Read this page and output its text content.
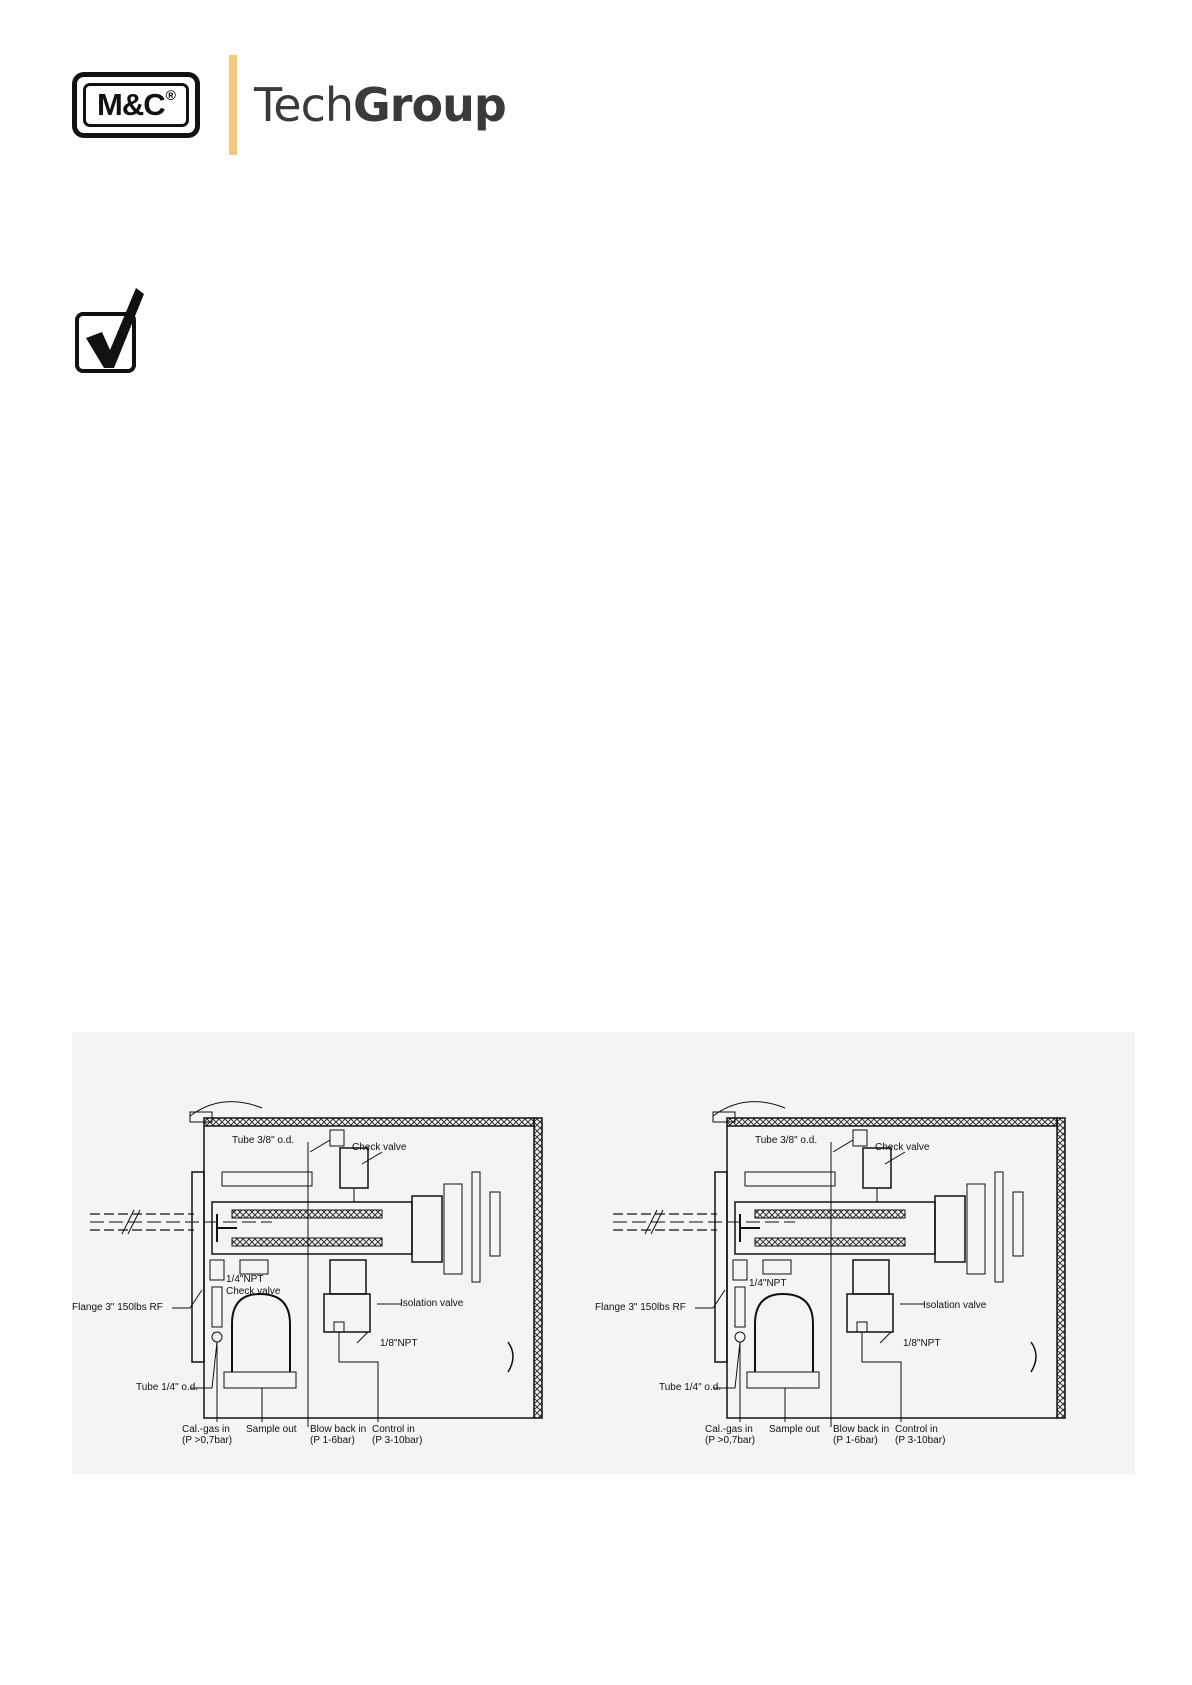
M&C® TechGroup
Tube 3/8" o.d.
Check valve
1/4"NPT
Check valve
Flange 3" 150lbs RF	Isolation valve
1/8"NPT
Tube 1/4" o.d.
Cal.-gas in
(P >0,7bar)
Sample out Blow back in
(P 1-6bar)
Control in
(P 3-10bar)
Tube 3/8" o.d.
Check valve
1/4"NPT
Flange 3" 150lbs RF	Isolation valve
1/8"NPT
Tube 1/4" o.d.
Cal.-gas in
(P >0,7bar)
Sample out Blow back in
(P 1-6bar)
Control in
(P 3-10bar)
